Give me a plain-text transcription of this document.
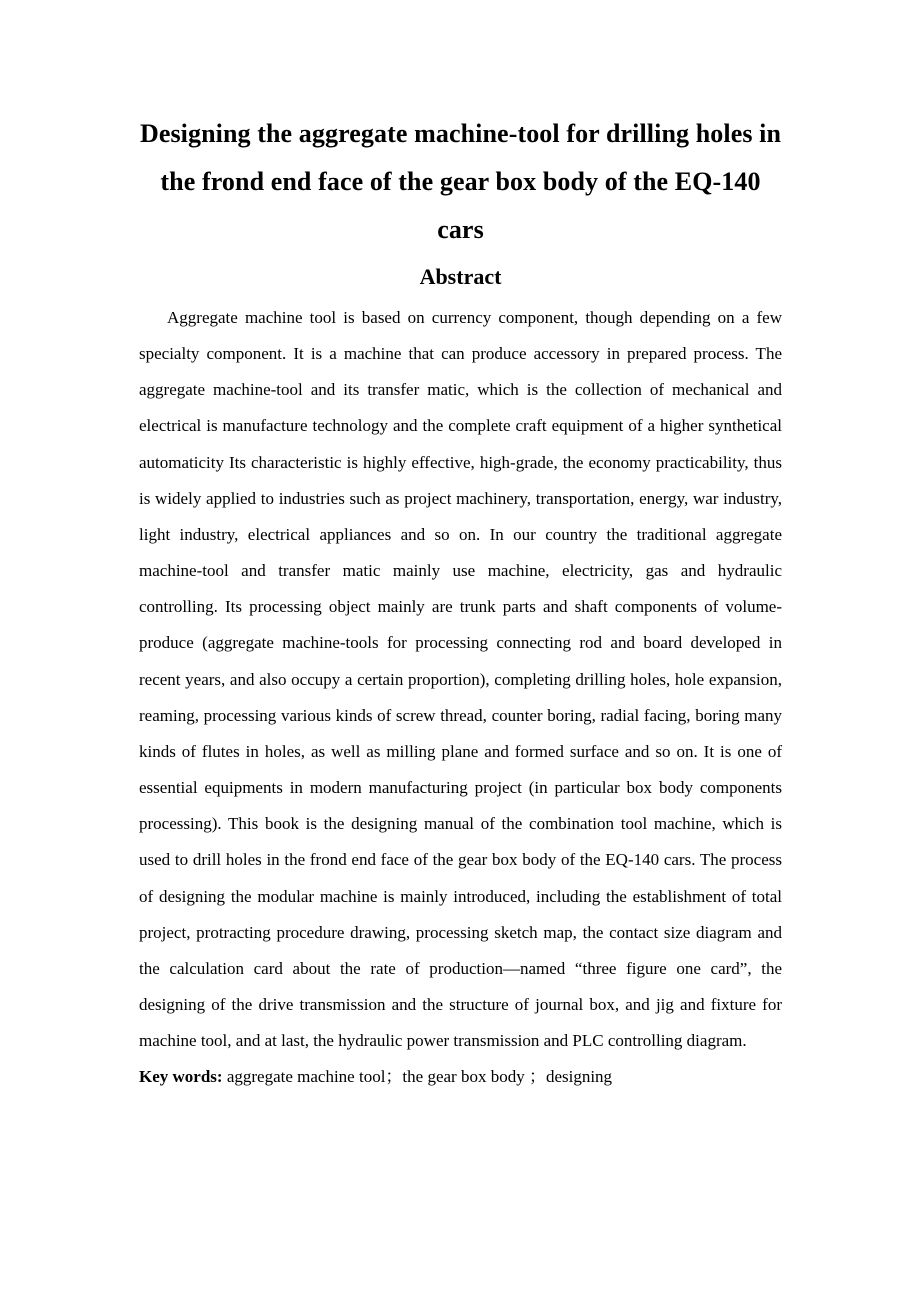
Designing the aggregate machine-tool for drilling holes in the frond end face of the gear box body of the EQ-140 cars
Abstract

Aggregate machine tool is based on currency component, though depending on a few specialty component. It is a machine that can produce accessory in prepared process. The aggregate machine-tool and its transfer matic, which is the collection of mechanical and electrical is manufacture technology and the complete craft equipment of a higher synthetical automaticity Its characteristic is highly effective, high-grade, the economy practicability, thus is widely applied to industries such as project machinery, transportation, energy, war industry, light industry, electrical appliances and so on. In our country the traditional aggregate machine-tool and transfer matic mainly use machine, electricity, gas and hydraulic controlling. Its processing object mainly are trunk parts and shaft components of volume-produce (aggregate machine-tools for processing connecting rod and board developed in recent years, and also occupy a certain proportion), completing drilling holes, hole expansion, reaming, processing various kinds of screw thread, counter boring, radial facing, boring many kinds of flutes in holes, as well as milling plane and formed surface and so on. It is one of essential equipments in modern manufacturing project (in particular box body components processing). This book is the designing manual of the combination tool machine, which is used to drill holes in the frond end face of the gear box body of the EQ-140 cars. The process of designing the modular machine is mainly introduced, including the establishment of total project, protracting procedure drawing, processing sketch map, the contact size diagram and the calculation card about the rate of production—named “three figure one card”, the designing of the drive transmission and the structure of journal box, and jig and fixture for machine tool, and at last, the hydraulic power transmission and PLC controlling diagram.

Key words: aggregate machine tool；the gear box body ；designing
